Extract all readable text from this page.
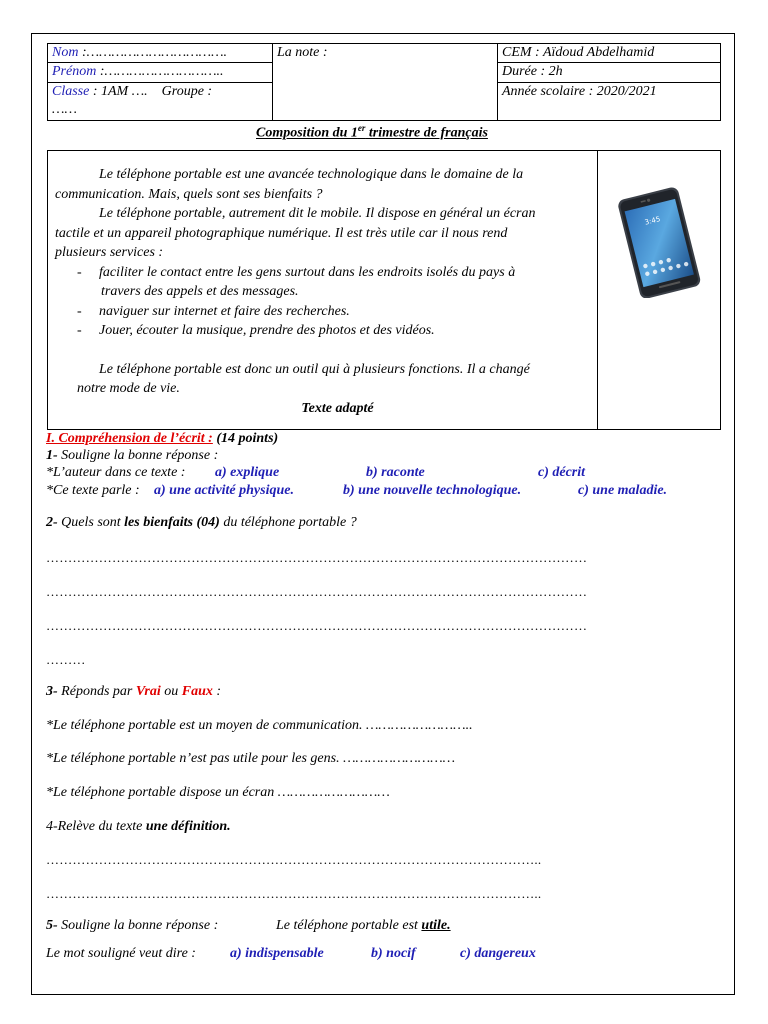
Nom :…………………………….	La note :	CEM : Aïdoud Abdelhamid
Prénom :………………………..		Durée : 2h
Classe : 1AM …. Groupe :
……		Année scolaire : 2020/2021
Composition du 1er trimestre de français
Le téléphone portable est une avancée technologique dans le domaine de la
communication. Mais, quels sont ses bienfaits ?
Le téléphone portable, autrement dit le mobile. Il dispose en général un écran
tactile et un appareil photographique numérique. Il est très utile car il nous rend
plusieurs services :
- faciliter le contact entre les gens surtout dans les endroits isolés du pays à
travers des appels et des messages.
- naviguer sur internet et faire des recherches.
- Jouer, écouter la musique, prendre des photos et des vidéos.
Le téléphone portable est donc un outil qui à plusieurs fonctions. Il a changé
notre mode de vie.
Texte adapté
3:45
I. Compréhension de l’écrit : (14 points)
1- Souligne la bonne réponse :
*L’auteur dans ce texte : a) explique	b) raconte	c) décrit
*Ce texte parle : a) une activité physique.	b) une nouvelle technologique.	c) une maladie.
2- Quels sont les bienfaits (04) du téléphone portable ?
……………………………………………………………………………………………………………
……………………………………………………………………………………………………………
……………………………………………………………………………………………………………
………
3- Réponds par Vrai ou Faux :
*Le téléphone portable est un moyen de communication. ……………………..
*Le téléphone portable n’est pas utile pour les gens. ………………………
*Le téléphone portable dispose un écran ………………………
4-Relève du texte une définition.
…………………………………………………………………………………………………..
…………………………………………………………………………………………………..
5- Souligne la bonne réponse :	Le téléphone portable est utile.
Le mot souligné veut dire : a) indispensable	b) nocif	c) dangereux
